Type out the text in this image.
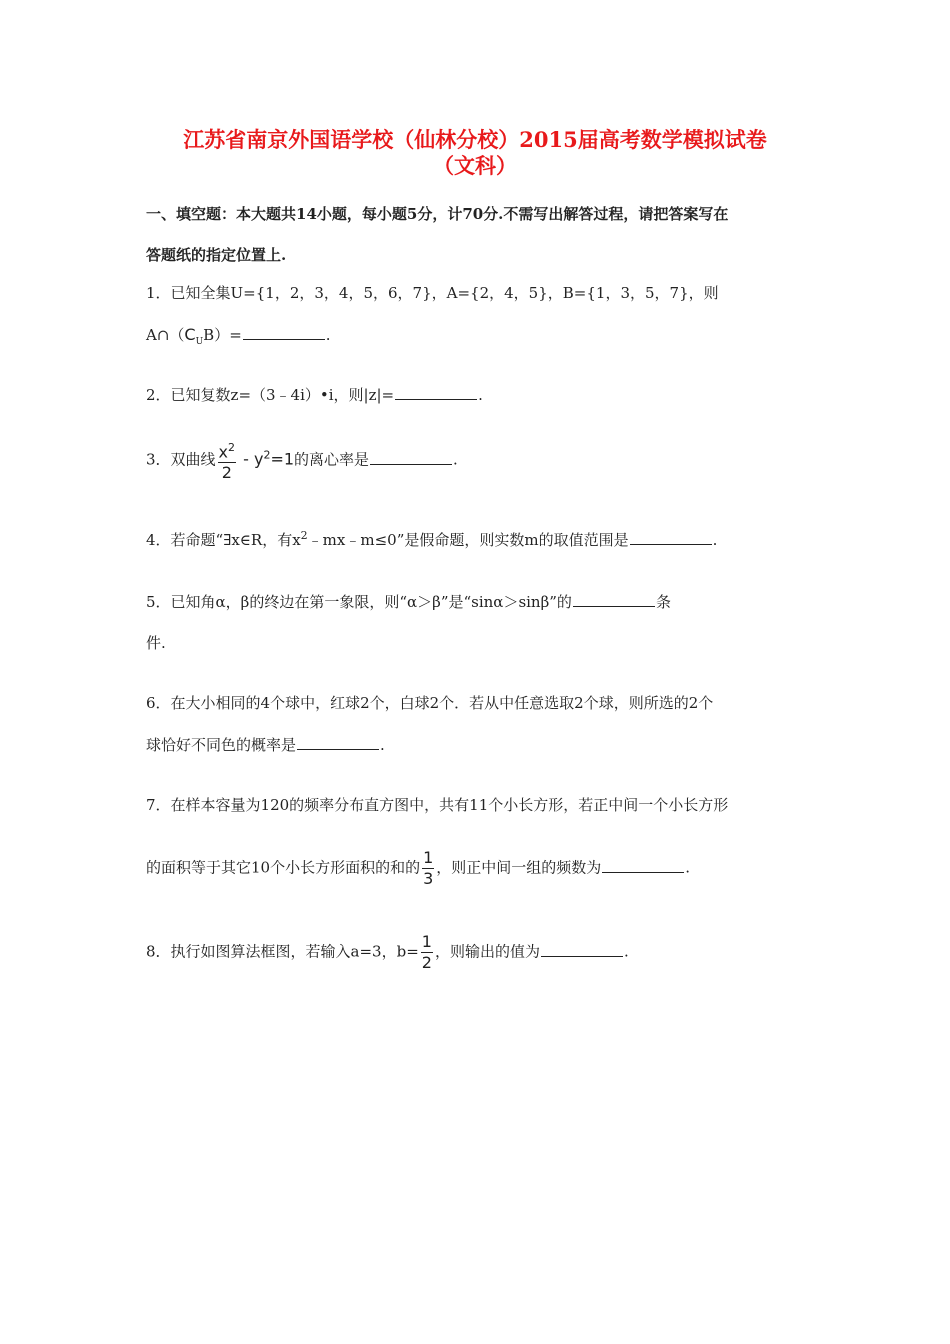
江苏省南京外国语学校（仙林分校）2015届高考数学模拟试卷
（文科）
一、填空题：本大题共14小题，每小题5分，计70分.不需写出解答过程，请把答案写在
答题纸的指定位置上.
1．已知全集U={1，2，3，4，5，6，7}，A={2，4，5}，B={1，3，5，7}，则
$A\cap(C_UB)=$	.
2．已知复数z=（3﹣4i）•i，则|z|=	.
3．双曲线 $\frac{x^2}{2} - y^2=1$的离心率是	.
4．若命题“∃x∈R，有$x^2﹣mx﹣m\le 0$”是假命题，则实数m的取值范围是	.
5．已知角α，β的终边在第一象限，则“α＞β”是“sinα＞sinβ”的	条
件.
6．在大小相同的4个球中，红球2个，白球2个．若从中任意选取2个球，则所选的2个
球恰好不同色的概率是	.
7．在样本容量为120的频率分布直方图中，共有11个小长方形，若正中间一个小长方形
的面积等于其它10个小长方形面积的和的 $\frac{1}{3}$ ，则正中间一组的频数为	.
8．执行如图算法框图，若输入a=3，$b= \frac{1}{2}$ ，则输出的值为	.
